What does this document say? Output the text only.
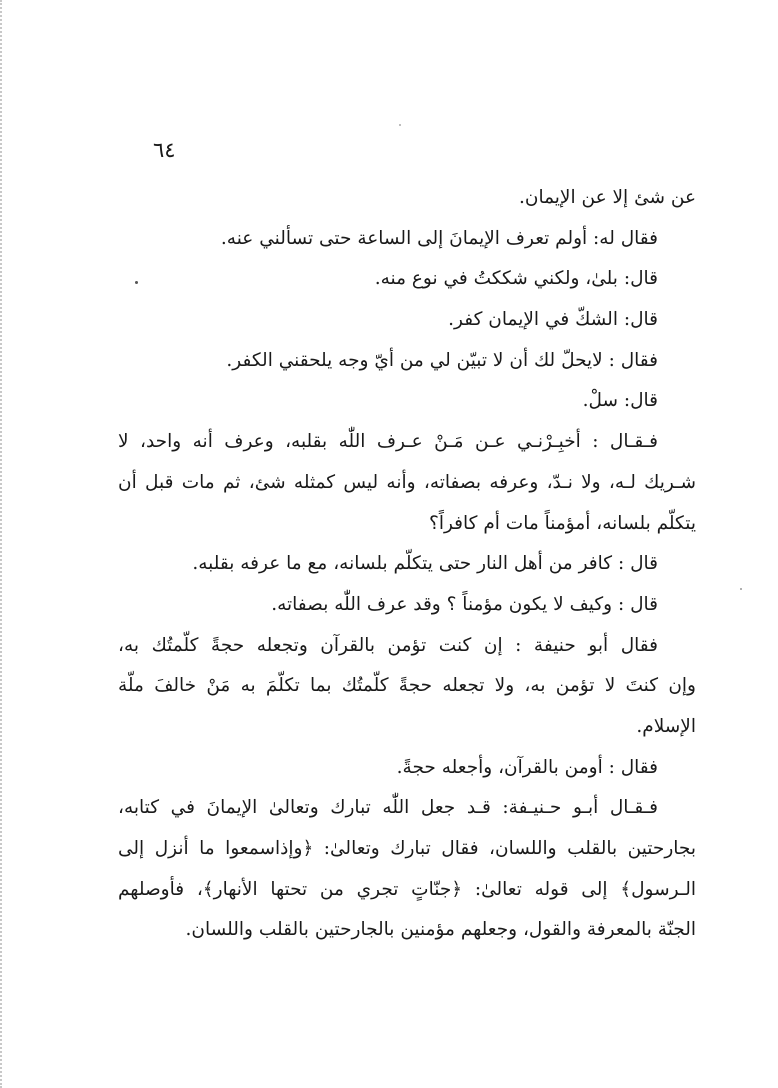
٦٤
عن شئ إلا عن الإيمان.
فقال له: أولم تعرف الإيمانَ إلى الساعة حتى تسألني عنه.
قال: بلىٰ، ولكني شككتُ في نوع منه.
قال: الشكّ في الإيمان كفر.
فقال : لايحلّ لك أن لا تبيّن لي من أيّ وجه يلحقني الكفر.
قال: سلْ.
فـقـال : أخبِـرْنـي عـن مَـنْ عـرف اللّٰه بقلبه، وعرف أنه واحد، لا
شـريك لـه، ولا نـدّ، وعرفه بصفاته، وأنه ليس كمثله شئ، ثم مات قبل أن
يتكلّم بلسانه، أمؤمناً مات أم كافراً؟
قال : كافر من أهل النار حتى يتكلّم بلسانه، مع ما عرفه بقلبه.
قال : وكيف لا يكون مؤمناً ؟ وقد عرف اللّٰه بصفاته.
فقال أبو حنيفة : إن كنت تؤمن بالقرآن وتجعله حجةً كلّمتُك به،
وإن كنتَ لا تؤمن به، ولا تجعله حجةً كلّمتُك بما تكلّمَ به مَنْ خالفَ ملّة
الإسلام.
فقال : أومن بالقرآن، وأجعله حجةً.
فـقـال أبـو حـنيـفة: قـد جعل اللّٰه تبارك وتعالىٰ الإيمانَ في كتابه،
بجارحتين بالقلب واللسان، فقال تبارك وتعالىٰ: ﴿وإذاسمعوا ما أنزل إلى
الـرسول﴾ إلى قوله تعالىٰ: ﴿جنّاتٍ تجري من تحتها الأنهار﴾، فأوصلهم
الجنّة بالمعرفة والقول، وجعلهم مؤمنين بالجارحتين بالقلب واللسان.
